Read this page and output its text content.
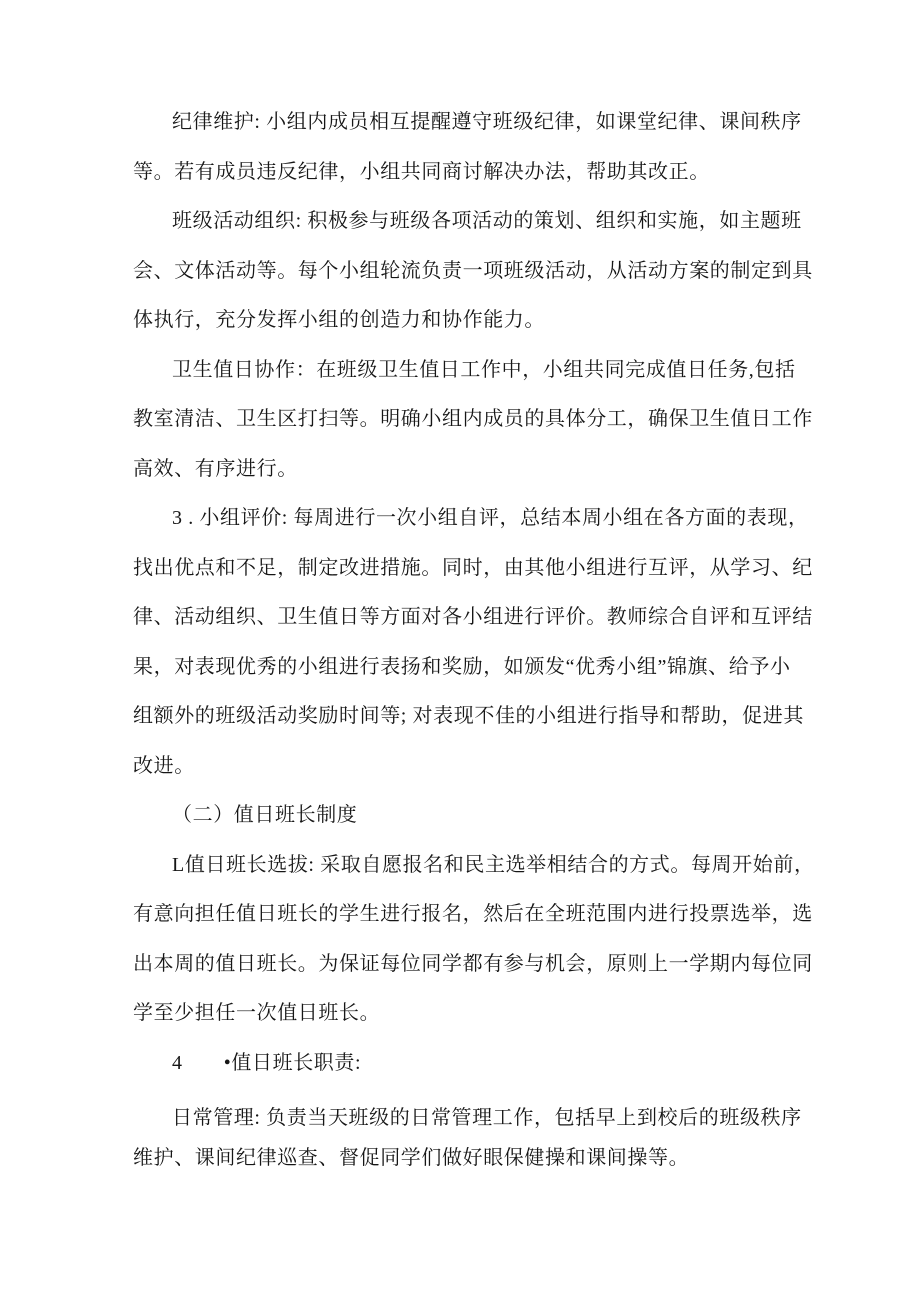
纪律维护: 小组内成员相互提醒遵守班级纪律，如课堂纪律、课间秩序
等。若有成员违反纪律，小组共同商讨解决办法，帮助其改正。
班级活动组织: 积极参与班级各项活动的策划、组织和实施，如主题班
会、文体活动等。每个小组轮流负责一项班级活动，从活动方案的制定到具
体执行，充分发挥小组的创造力和协作能力。
卫生值日协作：在班级卫生值日工作中，小组共同完成值日任务,包括
教室清洁、卫生区打扫等。明确小组内成员的具体分工，确保卫生值日工作
高效、有序进行。
3 . 小组评价: 每周进行一次小组自评，总结本周小组在各方面的表现，
找出优点和不足，制定改进措施。同时，由其他小组进行互评，从学习、纪
律、活动组织、卫生值日等方面对各小组进行评价。教师综合自评和互评结
果，对表现优秀的小组进行表扬和奖励，如颁发“优秀小组”锦旗、给予小
组额外的班级活动奖励时间等; 对表现不佳的小组进行指导和帮助，促进其
改进。
（二）值日班长制度
L值日班长选拔: 采取自愿报名和民主选举相结合的方式。每周开始前，
有意向担任值日班长的学生进行报名，然后在全班范围内进行投票选举，选
出本周的值日班长。为保证每位同学都有参与机会，原则上一学期内每位同
学至少担任一次值日班长。
4　　•值日班长职责:
日常管理: 负责当天班级的日常管理工作，包括早上到校后的班级秩序
维护、课间纪律巡查、督促同学们做好眼保健操和课间操等。
